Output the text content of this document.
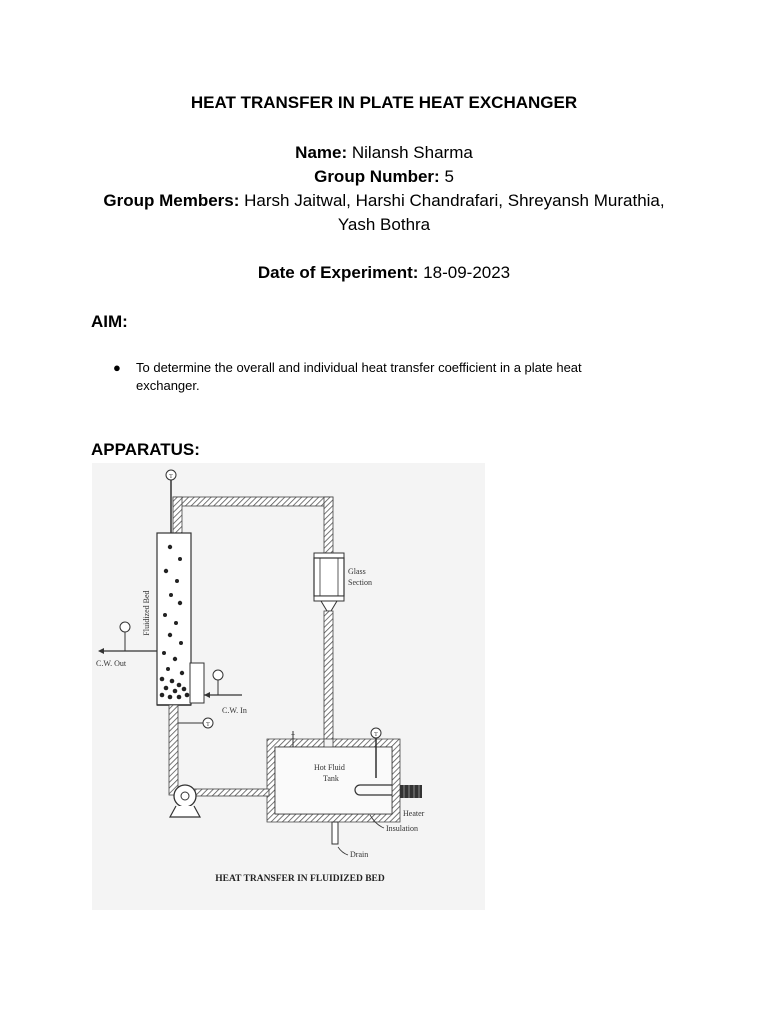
HEAT TRANSFER IN PLATE HEAT EXCHANGER
Name: Nilansh Sharma
Group Number: 5
Group Members: Harsh Jaitwal, Harshi Chandrafari, Shreyansh Murathia,
Yash Bothra
Date of Experiment: 18-09-2023
AIM:
● To determine the overall and individual heat transfer coefficient in a plate heat
exchanger.
APPARATUS:
T
Fluidized Bed
C.W. Out
C.W. In
T
Glass
Section
⌶
Hot Fluid
Tank
T
Heater
Insulation
Drain
HEAT TRANSFER IN FLUIDIZED BED
